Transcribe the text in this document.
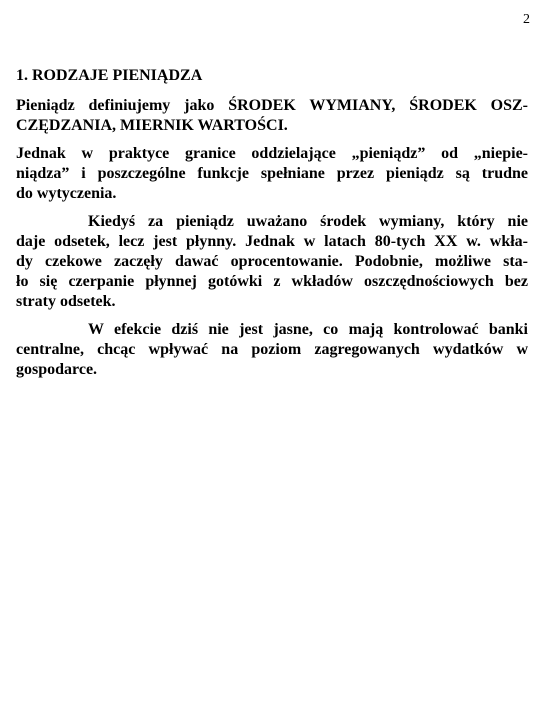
2
1. RODZAJE PIENIĄDZA
Pieniądz definiujemy jako ŚRODEK WYMIANY, ŚRODEK OSZ-
CZĘDZANIA, MIERNIK WARTOŚCI.
Jednak w praktyce granice oddzielające „pieniądz” od „niepie-
niądza” i poszczególne funkcje spełniane przez pieniądz są trudne
do wytyczenia.
Kiedyś za pieniądz uważano środek wymiany, który nie
daje odsetek, lecz jest płynny. Jednak w latach 80-tych XX w. wkła-
dy czekowe zaczęły dawać oprocentowanie. Podobnie, możliwe sta-
ło się czerpanie płynnej gotówki z wkładów oszczędnościowych bez
straty odsetek.
W efekcie dziś nie jest jasne, co mają kontrolować banki
centralne, chcąc wpływać na poziom zagregowanych wydatków w
gospodarce.
